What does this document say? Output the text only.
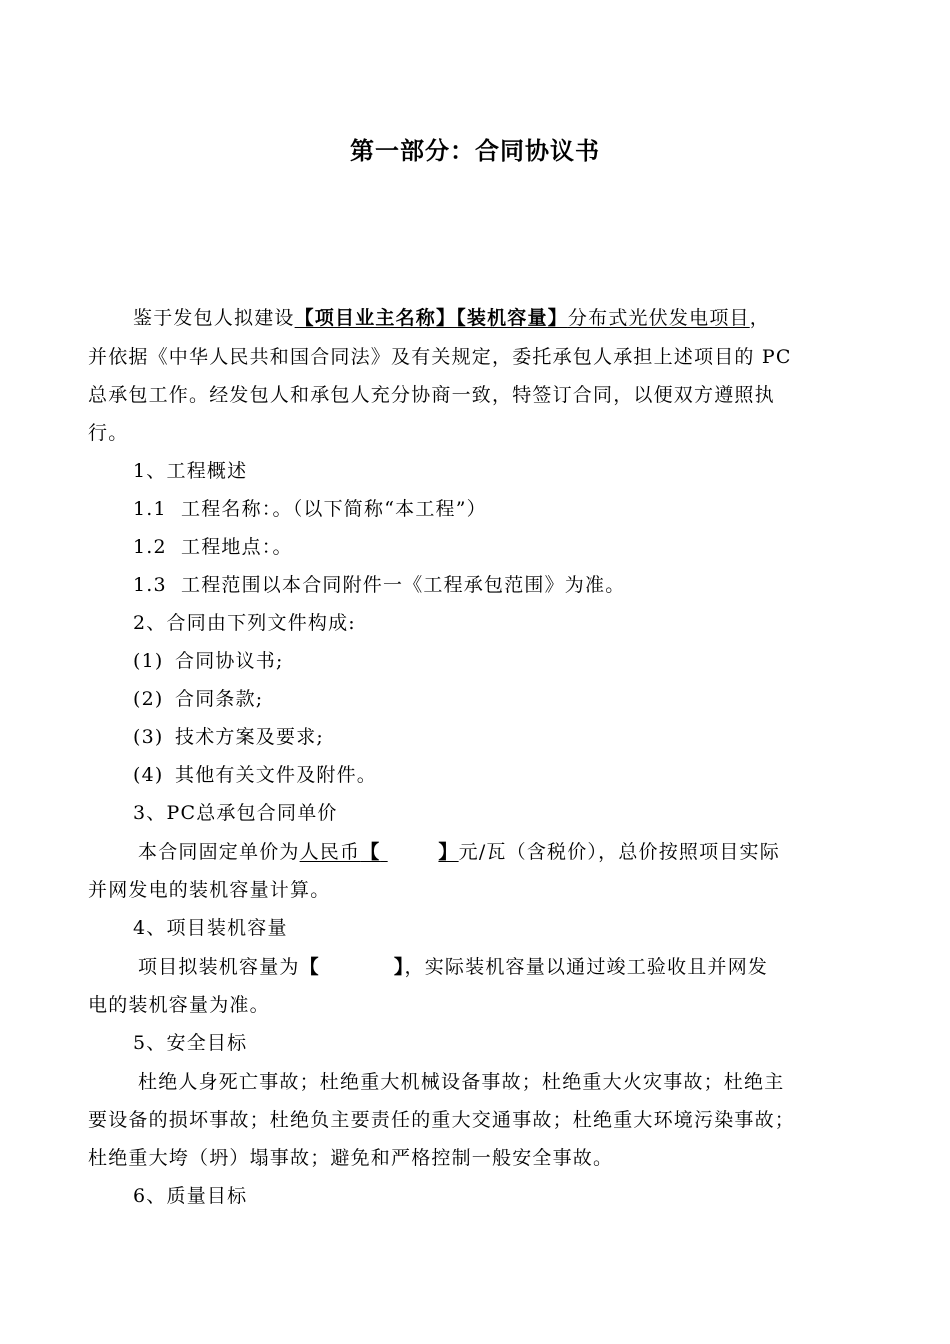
第一部分：合同协议书
鉴于发包人拟建设【项目业主名称】【装机容量】分布式光伏发电项目，
并依据《中华人民共和国合同法》及有关规定，委托承包人承担上述项目的 PC
总承包工作。经发包人和承包人充分协商一致，特签订合同，以便双方遵照执
行。
1、工程概述
1.1 工程名称：。（以下简称“本工程”）
1.2 工程地点：。
1.3 工程范围以本合同附件一《工程承包范围》为准。
2、合同由下列文件构成:
(1) 合同协议书;
(2) 合同条款;
(3) 技术方案及要求;
(4) 其他有关文件及附件。
3、PC总承包合同单价
本合同固定单价为人民币【	】元/瓦（含税价），总价按照项目实际
并网发电的装机容量计算。
4、项目装机容量
项目拟装机容量为【	】，实际装机容量以通过竣工验收且并网发
电的装机容量为准。
5、安全目标
杜绝人身死亡事故；杜绝重大机械设备事故；杜绝重大火灾事故；杜绝主
要设备的损坏事故；杜绝负主要责任的重大交通事故；杜绝重大环境污染事故；
杜绝重大垮（坍）塌事故；避免和严格控制一般安全事故。
6、质量目标
